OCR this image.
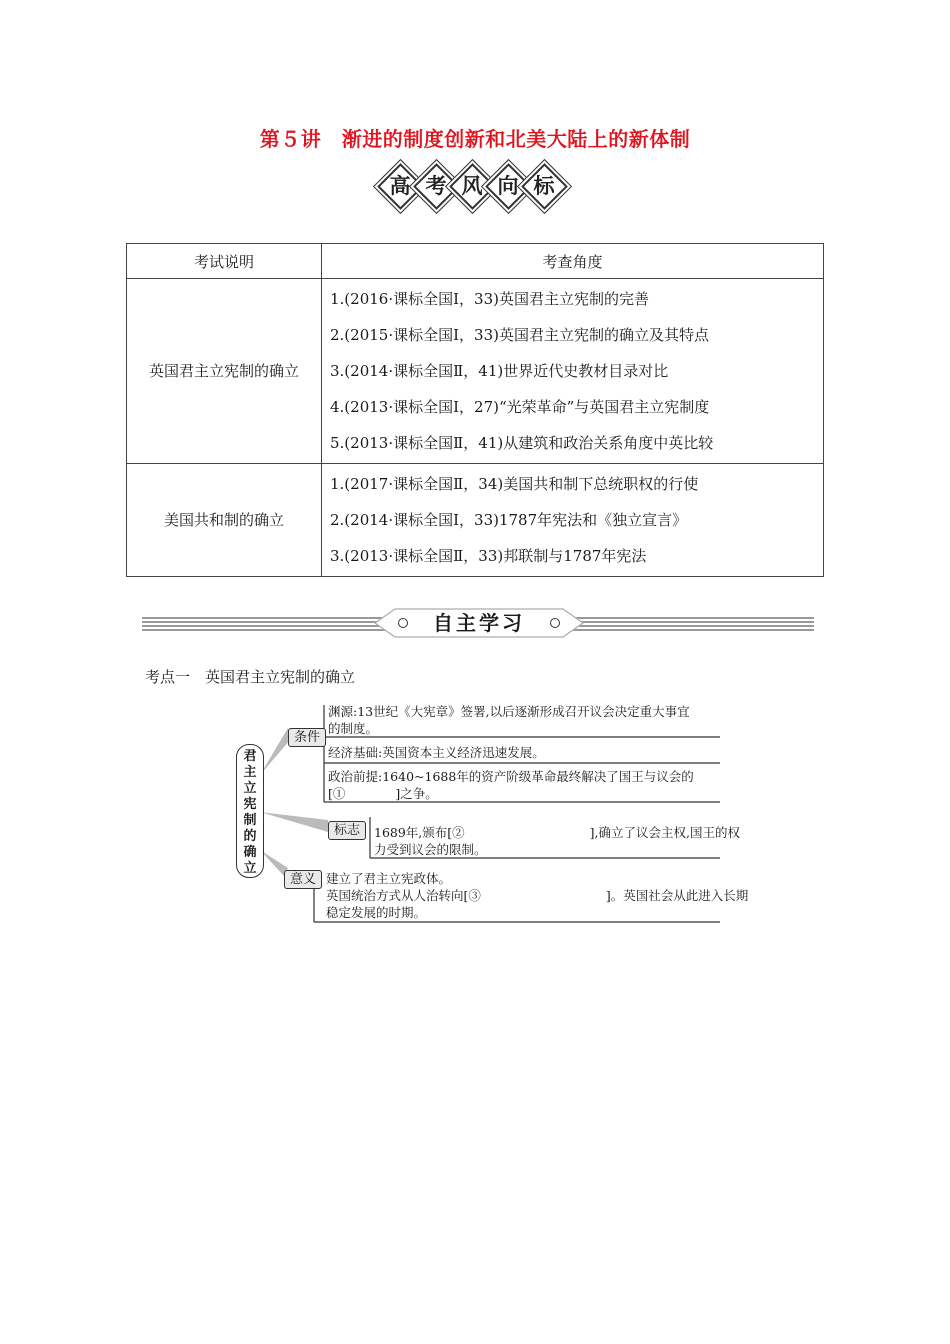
第５讲　渐进的制度创新和北美大陆上的新体制
高 考 风 向 标
考试说明	考查角度
英国君主立宪制的确立	1.(2016·课标全国Ⅰ，33)英国君主立宪制的完善
2.(2015·课标全国Ⅰ，33)英国君主立宪制的确立及其特点
3.(2014·课标全国Ⅱ，41)世界近代史教材目录对比
4.(2013·课标全国Ⅰ，27)“光荣革命”与英国君主立宪制度
5.(2013·课标全国Ⅱ，41)从建筑和政治关系角度中英比较

美国共和制的确立	1.(2017·课标全国Ⅱ，34)美国共和制下总统职权的行使
2.(2014·课标全国Ⅰ，33)1787年宪法和《独立宣言》
3.(2013·课标全国Ⅱ，33)邦联制与1787年宪法
自主学习
考点一　英国君主立宪制的确立
君主立宪制的确立
条件
渊源:13世纪《大宪章》签署,以后逐渐形成召开议会决定重大事宜
的制度。
经济基础:英国资本主义经济迅速发展。
政治前提:1640~1688年的资产阶级革命最终解决了国王与议会的
[①　　　　]之争。
标志	1689年,颁布[②　　　　　　　　　　],确立了议会主权,国王的权
力受到议会的限制。
意义 建立了君主立宪政体。
英国统治方式从人治转向[③　　　　　　　　　　]。英国社会从此进入长期
稳定发展的时期。
